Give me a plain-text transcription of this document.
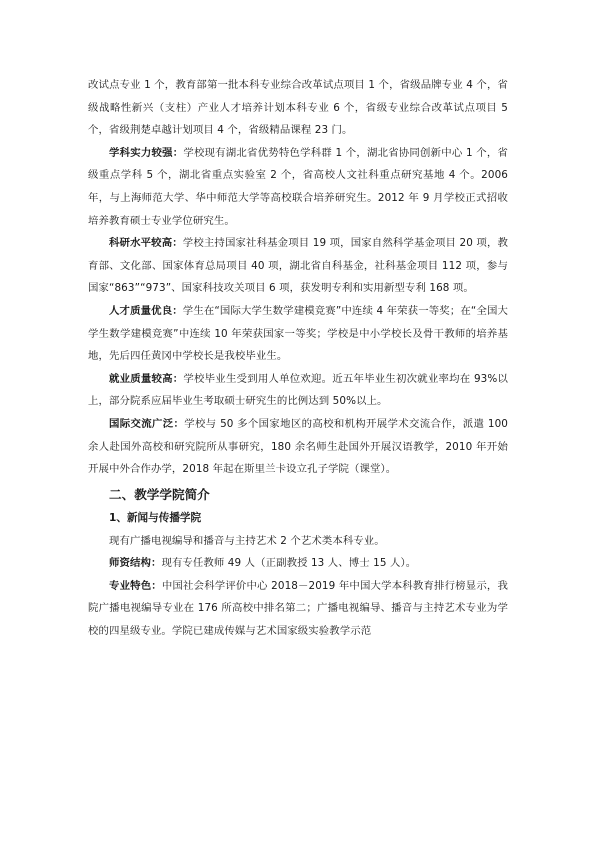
改试点专业 1 个，教育部第一批本科专业综合改革试点项目 1 个，省级品牌专业 4 个，省级战略性新兴（支柱）产业人才培养计划本科专业 6 个，省级专业综合改革试点项目 5 个，省级荆楚卓越计划项目 4 个，省级精品课程 23 门。

学科实力较强：学校现有湖北省优势特色学科群 1 个，湖北省协同创新中心 1 个，省级重点学科 5 个，湖北省重点实验室 2 个，省高校人文社科重点研究基地 4 个。2006 年，与上海师范大学、华中师范大学等高校联合培养研究生。2012 年 9 月学校正式招收培养教育硕士专业学位研究生。

科研水平较高：学校主持国家社科基金项目 19 项，国家自然科学基金项目 20 项，教育部、文化部、国家体育总局项目 40 项，湖北省自科基金，社科基金项目 112 项，参与国家“863”“973”、国家科技攻关项目 6 项，获发明专利和实用新型专利 168 项。

人才质量优良：学生在“国际大学生数学建模竞赛”中连续 4 年荣获一等奖；在“全国大学生数学建模竞赛”中连续 10 年荣获国家一等奖；学校是中小学校长及骨干教师的培养基地，先后四任黄冈中学校长是我校毕业生。

就业质量较高：学校毕业生受到用人单位欢迎。近五年毕业生初次就业率均在 93%以上，部分院系应届毕业生考取硕士研究生的比例达到 50%以上。

国际交流广泛：学校与 50 多个国家地区的高校和机构开展学术交流合作，派遣 100 余人赴国外高校和研究院所从事研究，180 余名师生赴国外开展汉语教学，2010 年开始开展中外合作办学，2018 年起在斯里兰卡设立孔子学院（课堂）。

二、教学学院简介
1、新闻与传播学院

现有广播电视编导和播音与主持艺术 2 个艺术类本科专业。

师资结构：现有专任教师 49 人（正副教授 13 人、博士 15 人）。

专业特色：中国社会科学评价中心 2018－2019 年中国大学本科教育排行榜显示，我院广播电视编导专业在 176 所高校中排名第二；广播电视编导、播音与主持艺术专业为学校的四星级专业。学院已建成传媒与艺术国家级实验教学示范
